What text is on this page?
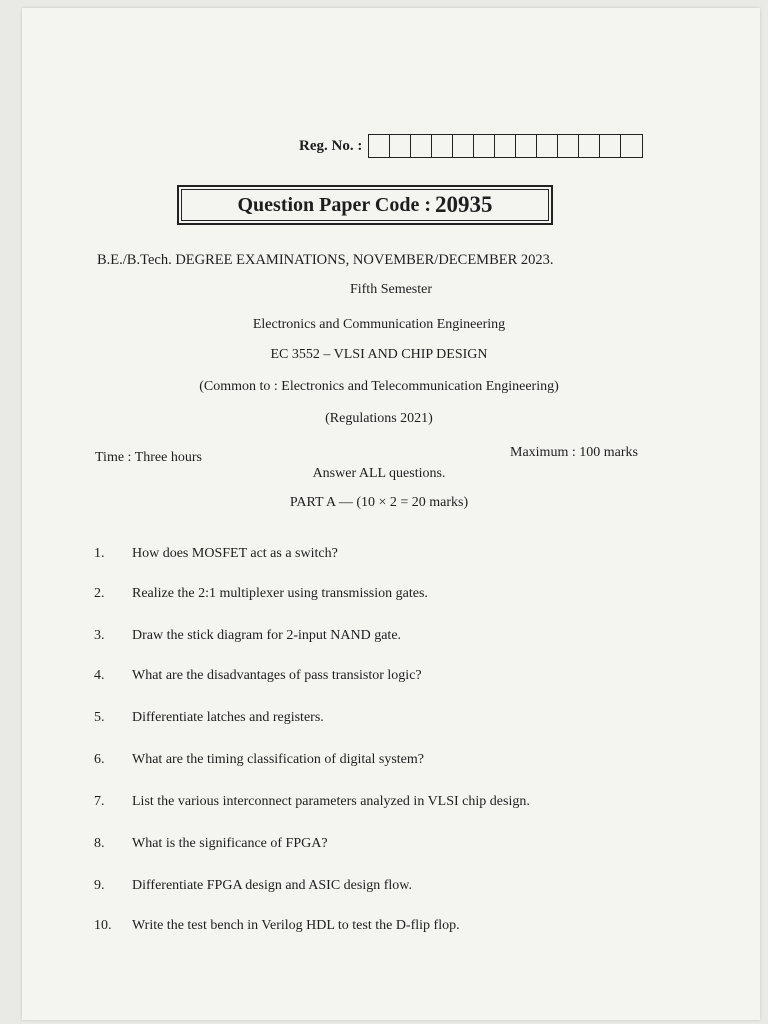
Reg. No. :
Question Paper Code : 20935
B.E./B.Tech. DEGREE EXAMINATIONS, NOVEMBER/DECEMBER 2023.
Fifth Semester
Electronics and Communication Engineering
EC 3552 – VLSI AND CHIP DESIGN
(Common to : Electronics and Telecommunication Engineering)
(Regulations 2021)
Time : Three hours	Maximum : 100 marks
Answer ALL questions.
PART A — (10 × 2 = 20 marks)
1. How does MOSFET act as a switch?
2. Realize the 2:1 multiplexer using transmission gates.
3. Draw the stick diagram for 2-input NAND gate.
4. What are the disadvantages of pass transistor logic?
5. Differentiate latches and registers.
6. What are the timing classification of digital system?
7. List the various interconnect parameters analyzed in VLSI chip design.
8. What is the significance of FPGA?
9. Differentiate FPGA design and ASIC design flow.
10. Write the test bench in Verilog HDL to test the D-flip flop.
